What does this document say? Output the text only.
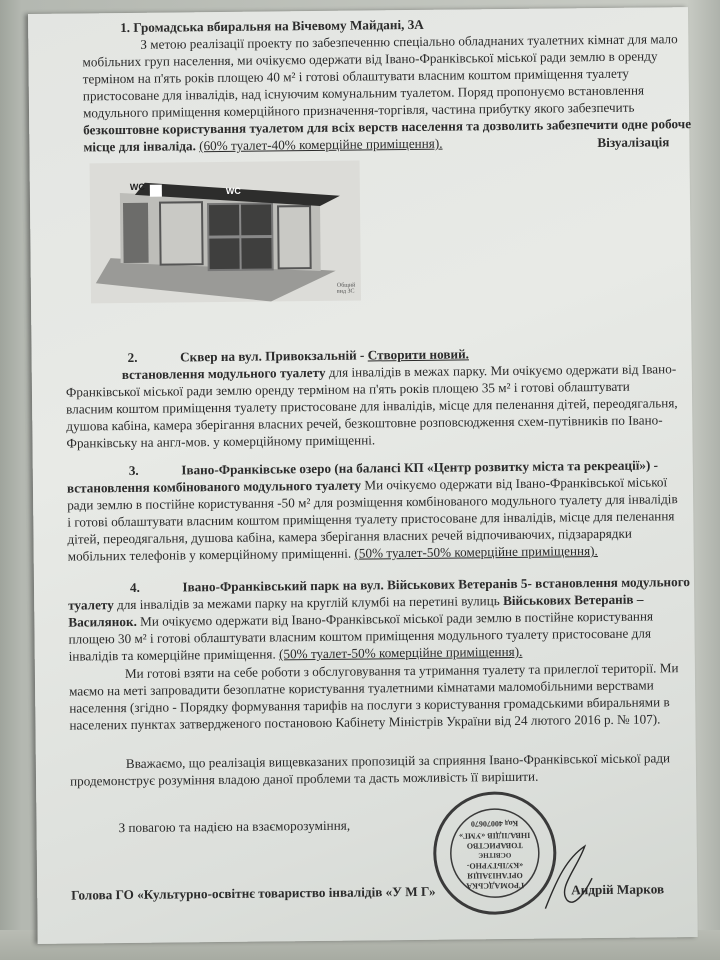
1. Громадська вбиральня на Вічевому Майдані, 3А
З метою реалізації проекту по забезпеченню спеціально обладнаних туалетних кімнат для мало
мобільних груп населення, ми очікуємо одержати від Івано-Франківської міської ради землю в оренду
терміном на п'ять років площею 40 м² і готові облаштувати власним коштом приміщення туалету
пристосоване для інвалідів, над існуючим комунальним туалетом. Поряд пропонуємо встановлення
модульного приміщення комерційного призначення-торгівля, частина прибутку якого забезпечить
безкоштовне користування туалетом для всіх верств населення та дозволить забезпечити одне робоче
місце для інваліда. (60% туалет-40% комерційне приміщення).	Візуалізація
WC
WC
Общий вид ЗС
2.	Сквер на вул. Привокзальній - Створити новий.
встановлення модульного туалету для інвалідів в межах парку. Ми очікуємо одержати від Івано-
Франківської міської ради землю оренду терміном на п'ять років площею 35 м² і готові облаштувати
власним коштом приміщення туалету пристосоване для інвалідів, місце для пеленання дітей, переодягальня,
душова кабіна, камера зберігання власних речей, безкоштовне розповсюдження схем-путівників по Івано-
Франківську на англ-мов. у комерційному приміщенні.
3.	Івано-Франківське озеро (на балансі КП «Центр розвитку міста та рекреації») -
встановлення комбінованого модульного туалету Ми очікуємо одержати від Івано-Франківської міської
ради землю в постійне користування -50 м² для розміщення комбінованого модульного туалету для інвалідів
і готові облаштувати власним коштом приміщення туалету пристосоване для інвалідів, місце для пеленання
дітей, переодягальня, душова кабіна, камера зберігання власних речей відпочиваючих, підзарарядки
мобільних телефонів у комерційному приміщенні. (50% туалет-50% комерційне приміщення).
4.	Івано-Франківський парк на вул. Військових Ветеранів 5- встановлення модульного
туалету для інвалідів за межами парку на круглій клумбі на перетині вулиць Військових Ветеранів –
Василянок. Ми очікуємо одержати від Івано-Франківської міської ради землю в постійне користування
площею 30 м² і готові облаштувати власним коштом приміщення модульного туалету пристосоване для
інвалідів та комерційне приміщення. (50% туалет-50% комерційне приміщення).
Ми готові взяти на себе роботи з обслуговування та утримання туалету та прилеглої території. Ми
маємо на меті запровадити безоплатне користування туалетними кімнатами маломобільними верствами
населення (згідно - Порядку формування тарифів на послуги з користування громадськими вбиральнями в
населених пунктах затвердженого постановою Кабінету Міністрів України від 24 лютого 2016 р. № 107).
Вважаємо, що реалізація вищевказаних пропозицій за сприяння Івано-Франківської міської ради
продемонструє розуміння владою даної проблеми та дасть можливість її вирішити.
З повагою та надією на взаєморозуміння,
Голова ГО «Культурно-освітнє товариство інвалідів «У М Г»	Андрій Марков
ГРОМАДСЬКА
ОРГАНІЗАЦІЯ
«КУЛЬТУРНО-
ОСВІТНЄ
ТОВАРИСТВО
ІНВАЛІДІВ «УМГ»
Код 40070670
